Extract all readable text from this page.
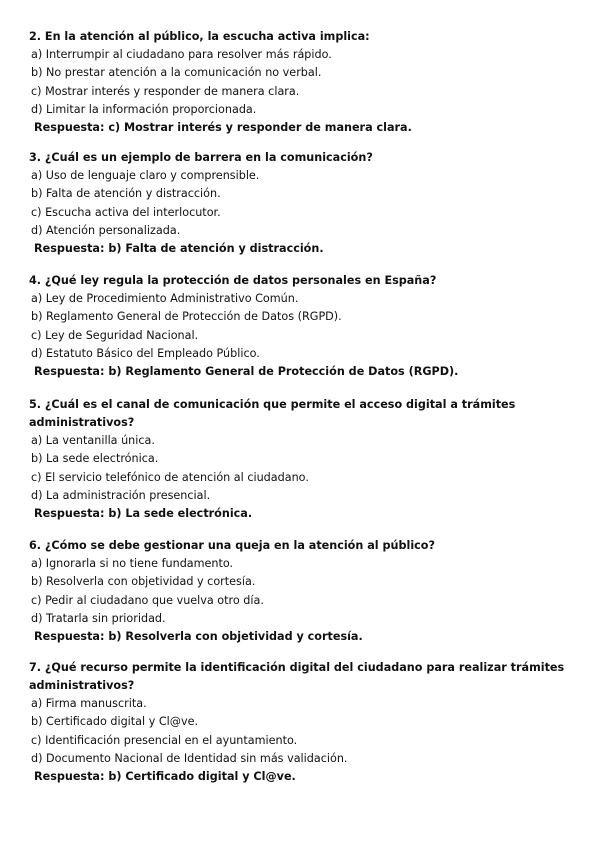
2. En la atención al público, la escucha activa implica:

a) Interrumpir al ciudadano para resolver más rápido.
b) No prestar atención a la comunicación no verbal.
c) Mostrar interés y responder de manera clara.
d) Limitar la información proporcionada.
Respuesta: c) Mostrar interés y responder de manera clara.

3. ¿Cuál es un ejemplo de barrera en la comunicación?

a) Uso de lenguaje claro y comprensible.
b) Falta de atención y distracción.
c) Escucha activa del interlocutor.
d) Atención personalizada.
Respuesta: b) Falta de atención y distracción.

4. ¿Qué ley regula la protección de datos personales en España?

a) Ley de Procedimiento Administrativo Común.
b) Reglamento General de Protección de Datos (RGPD).
c) Ley de Seguridad Nacional.
d) Estatuto Básico del Empleado Público.
Respuesta: b) Reglamento General de Protección de Datos (RGPD).

5. ¿Cuál es el canal de comunicación que permite el acceso digital a trámites administrativos?

a) La ventanilla única.
b) La sede electrónica.
c) El servicio telefónico de atención al ciudadano.
d) La administración presencial.
Respuesta: b) La sede electrónica.

6. ¿Cómo se debe gestionar una queja en la atención al público?

a) Ignorarla si no tiene fundamento.
b) Resolverla con objetividad y cortesía.
c) Pedir al ciudadano que vuelva otro día.
d) Tratarla sin prioridad.
Respuesta: b) Resolverla con objetividad y cortesía.

7. ¿Qué recurso permite la identificación digital del ciudadano para realizar trámites administrativos?

a) Firma manuscrita.
b) Certificado digital y Cl@ve.
c) Identificación presencial en el ayuntamiento.
d) Documento Nacional de Identidad sin más validación.
Respuesta: b) Certificado digital y Cl@ve.
